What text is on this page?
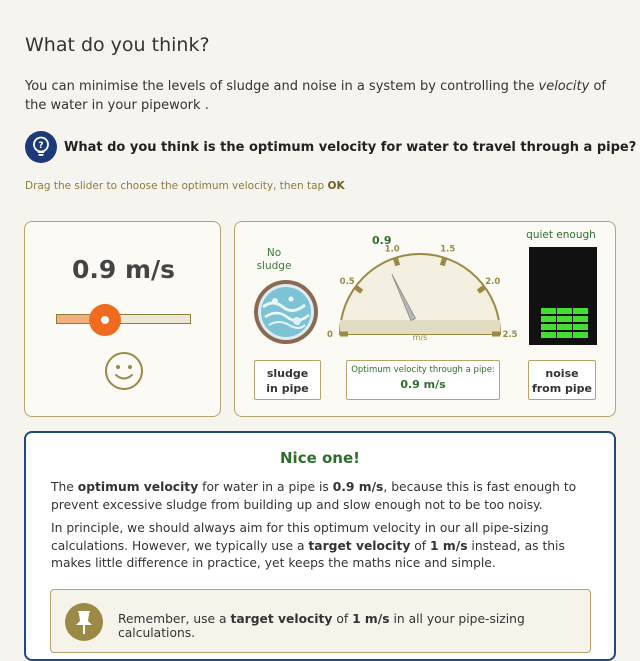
What do you think?

You can minimise the levels of sludge and noise in a system by controlling the velocity of the water in your pipework .

? What do you think is the optimum velocity for water to travel through a pipe?
Drag the slider to choose the optimum velocity, then tap OK
0.9 m/s
No sludge
quiet enough
m/s
0
0.5
1.0	1.5
2.0
2.5
0.9
sludge
in pipe
Optimum velocity through a pipe:
0.9 m/s
noise
from pipe
Nice one!

The optimum velocity for water in a pipe is 0.9 m/s, because this is fast enough to prevent excessive sludge from building up and slow enough not to be too noisy.

In principle, we should always aim for this optimum velocity in our all pipe-sizing calculations. However, we typically use a target velocity of 1 m/s instead, as this makes little difference in practice, yet keeps the maths nice and simple.

Remember, use a target velocity of 1 m/s in all your pipe-sizing calculations.
